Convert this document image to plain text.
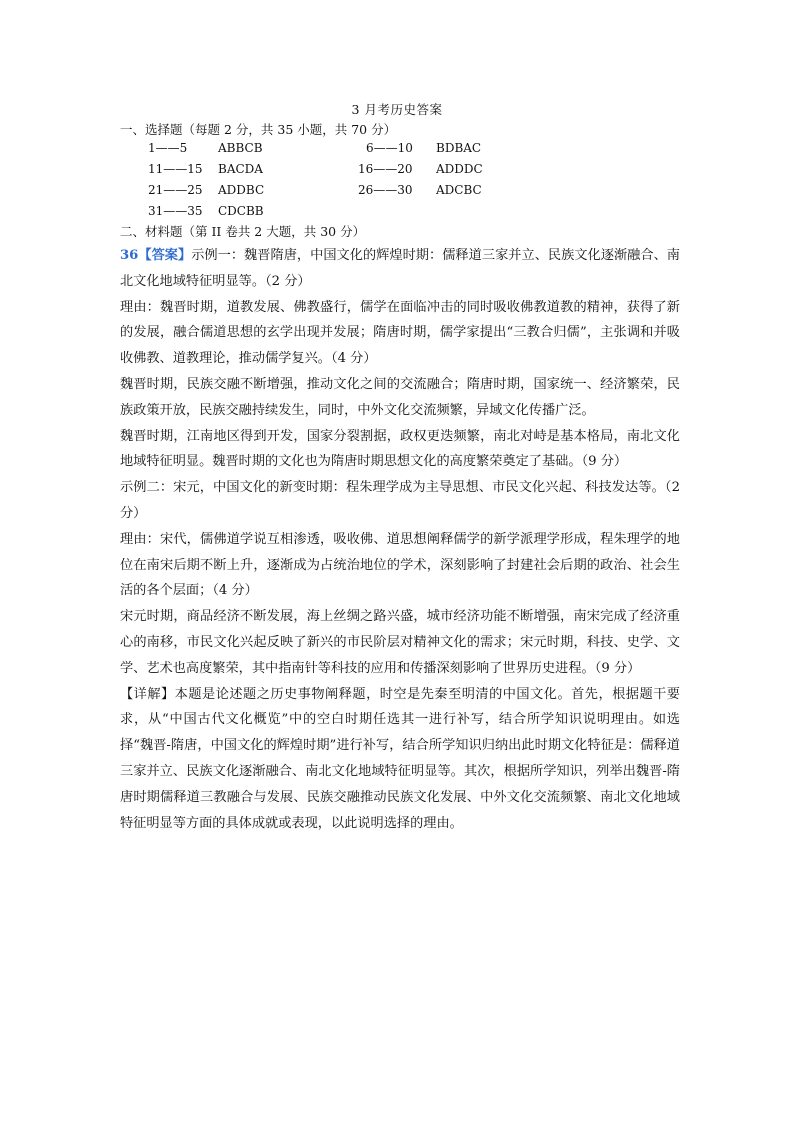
3 月考历史答案
一、选择题（每题 2 分，共 35 小题，共 70 分）
1——5	ABBCB	6——10 BDBAC
11——15 BACDA	16——20 ADDDC
21——25 ADDBC	26——30 ADCBC
31——35 CDCBB
二、材料题（第 II 卷共 2 大题，共 30 分）

36【答案】示例一：魏晋隋唐，中国文化的辉煌时期：儒释道三家并立、民族文化逐渐融合、南北文化地域特征明显等。（2 分）

理由：魏晋时期，道教发展、佛教盛行，儒学在面临冲击的同时吸收佛教道教的精神，获得了新的发展，融合儒道思想的玄学出现并发展；隋唐时期，儒学家提出“三教合归儒”，主张调和并吸收佛教、道教理论，推动儒学复兴。（4 分）

魏晋时期，民族交融不断增强，推动文化之间的交流融合；隋唐时期，国家统一、经济繁荣，民族政策开放，民族交融持续发生，同时，中外文化交流频繁，异域文化传播广泛。

魏晋时期，江南地区得到开发，国家分裂割据，政权更迭频繁，南北对峙是基本格局，南北文化地域特征明显。魏晋时期的文化也为隋唐时期思想文化的高度繁荣奠定了基础。（9 分）

示例二：宋元，中国文化的新变时期：程朱理学成为主导思想、市民文化兴起、科技发达等。（2 分）

理由：宋代，儒佛道学说互相渗透，吸收佛、道思想阐释儒学的新学派理学形成，程朱理学的地位在南宋后期不断上升，逐渐成为占统治地位的学术，深刻影响了封建社会后期的政治、社会生活的各个层面；（4 分）

宋元时期，商品经济不断发展，海上丝绸之路兴盛，城市经济功能不断增强，南宋完成了经济重心的南移，市民文化兴起反映了新兴的市民阶层对精神文化的需求；宋元时期，科技、史学、文学、艺术也高度繁荣，其中指南针等科技的应用和传播深刻影响了世界历史进程。（9 分）

【详解】本题是论述题之历史事物阐释题，时空是先秦至明清的中国文化。首先，根据题干要求，从“中国古代文化概览”中的空白时期任选其一进行补写，结合所学知识说明理由。如选择“魏晋-隋唐，中国文化的辉煌时期”进行补写，结合所学知识归纳出此时期文化特征是：儒释道三家并立、民族文化逐渐融合、南北文化地域特征明显等。其次，根据所学知识，列举出魏晋-隋唐时期儒释道三教融合与发展、民族交融推动民族文化发展、中外文化交流频繁、南北文化地域特征明显等方面的具体成就或表现，以此说明选择的理由。
